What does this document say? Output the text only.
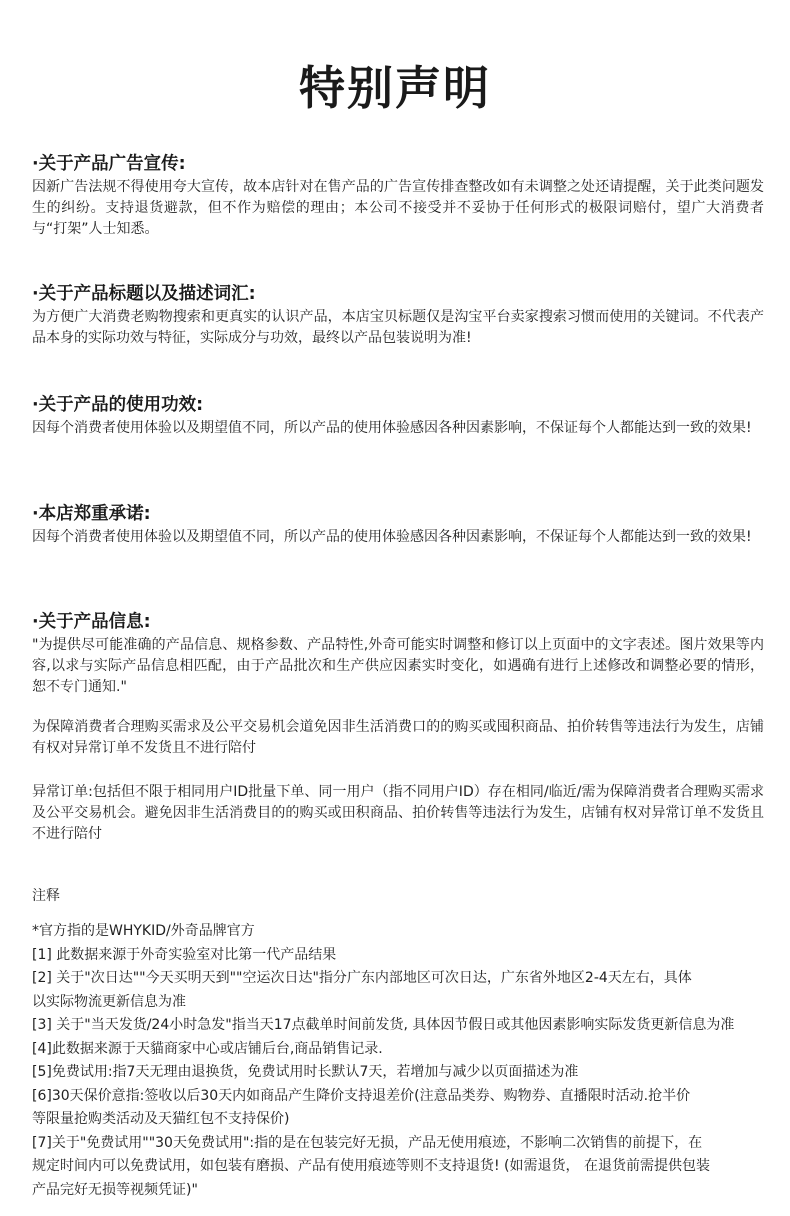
特别声明
·关于产品广告宣传:
因新广告法规不得使用夸大宣传，故本店针对在售产品的广告宣传排查整改如有未调整之处还请提醒，关于此类问题发生的纠纷。支持退货避款，但不作为赔偿的理由；本公司不接受并不妥协于任何形式的极限词赔付，望广大消费者与“打架”人士知悉。
·关于产品标题以及描述词汇:
为方便广大消费老购物搜索和更真实的认识产品，本店宝贝标题仅是沟宝平台卖家搜索习惯而使用的关键词。不代表产品本身的实际功效与特征，实际成分与功效，最终以产品包装说明为准!
·关于产品的使用功效:
因每个消费者使用体验以及期望值不同，所以产品的使用体验感因各种因素影响，不保证每个人都能达到一致的效果!
·本店郑重承诺:
因每个消费者使用体验以及期望值不同，所以产品的使用体验感因各种因素影响，不保证每个人都能达到一致的效果!
·关于产品信息:
"为提供尽可能准确的产品信息、规格参数、产品特性,外奇可能实时调整和修订以上页面中的文字表述。图片效果等内容,以求与实际产品信息相匹配，由于产品批次和生产供应因素实时变化，如遇确有进行上述修改和调整必要的情形，恕不专门通知."
为保障消费者合理购买需求及公平交易机会道免因非生活消费口的的购买或囤积商品、拍价转售等违法行为发生，店铺有权对异常订单不发货且不进行陪付
异常订单:包括但不限于相同用户ID批量下单、同一用户（指不同用户ID）存在相同/临近/需为保障消费者合理购买需求及公平交易机会。避免因非生活消费目的的购买或田积商品、拍价转售等违法行为发生，店铺有权对异常订单不发货且不进行陪付
注释
*官方指的是WHYKID/外奇品牌官方
[1] 此数据来源于外奇实验室对比第一代产品结果
[2] 关于"次日达""今天买明天到""空运次日达"指分广东内部地区可次日达，广东省外地区2-4天左右，具体
以实际物流更新信息为准
[3] 关于"当天发货/24小时急发"指当天17点截单时间前发货, 具体因节假日或其他因素影响实际发货更新信息为准
[4]此数据来源于天貓商家中心或店铺后台,商品销售记录.
[5]免费试用:指7天无理由退换货，免费试用时长默认7天，若增加与减少以页面描述为准
[6]30天保价意指:签收以后30天内如商品产生降价支持退差价(注意品类券、购物券、直播限时活动.抢半价
等限量抢购类活动及天猫红包不支持保价)
[7]关于"免费试用""30天免费试用":指的是在包装完好无损，产品无使用痕迹，不影响二次销售的前提下，在
规定时间内可以免费试用，如包装有磨损、产品有使用痕迹等则不支持退货! (如需退货， 在退货前需提供包装
产品完好无损等视频凭证)"
